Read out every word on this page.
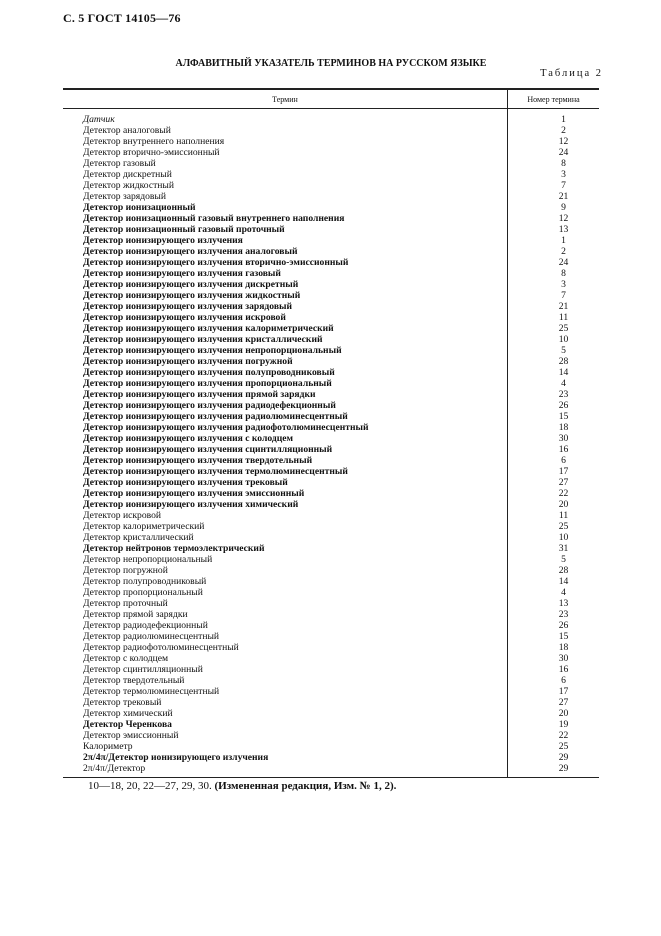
С. 5 ГОСТ 14105—76
АЛФАВИТНЫЙ УКАЗАТЕЛЬ ТЕРМИНОВ НА РУССКОМ ЯЗЫКЕ
Таблица 2
Термин	Номер термина
Датчик	1
Детектор аналоговый	2
Детектор внутреннего наполнения	12
Детектор вторично-эмиссионный	24
Детектор газовый	8
Детектор дискретный	3
Детектор жидкостный	7
Детектор зарядовый	21
Детектор ионизационный	9
Детектор ионизационный газовый внутреннего наполнения	12
Детектор ионизационный газовый проточный	13
Детектор ионизирующего излучения	1
Детектор ионизирующего излучения аналоговый	2
Детектор ионизирующего излучения вторично-эмиссионный	24
Детектор ионизирующего излучения газовый	8
Детектор ионизирующего излучения дискретный	3
Детектор ионизирующего излучения жидкостный	7
Детектор ионизирующего излучения зарядовый	21
Детектор ионизирующего излучения искровой	11
Детектор ионизирующего излучения калориметрический	25
Детектор ионизирующего излучения кристаллический	10
Детектор ионизирующего излучения непропорциональный	5
Детектор ионизирующего излучения погружной	28
Детектор ионизирующего излучения полупроводниковый	14
Детектор ионизирующего излучения пропорциональный	4
Детектор ионизирующего излучения прямой зарядки	23
Детектор ионизирующего излучения радиодефекционный	26
Детектор ионизирующего излучения радиолюминесцентный	15
Детектор ионизирующего излучения радиофотолюминесцентный	18
Детектор ионизирующего излучения с колодцем	30
Детектор ионизирующего излучения сцинтилляционный	16
Детектор ионизирующего излучения твердотельный	6
Детектор ионизирующего излучения термолюминесцентный	17
Детектор ионизирующего излучения трековый	27
Детектор ионизирующего излучения эмиссионный	22
Детектор ионизирующего излучения химический	20
Детектор искровой	11
Детектор калориметрический	25
Детектор кристаллический	10
Детектор нейтронов термоэлектрический	31
Детектор непропорциональный	5
Детектор погружной	28
Детектор полупроводниковый	14
Детектор пропорциональный	4
Детектор проточный	13
Детектор прямой зарядки	23
Детектор радиодефекционный	26
Детектор радиолюминесцентный	15
Детектор радиофотолюминесцентный	18
Детектор с колодцем	30
Детектор сцинтилляционный	16
Детектор твердотельный	6
Детектор термолюминесцентный	17
Детектор трековый	27
Детектор химический	20
Детектор Черенкова	19
Детектор эмиссионный	22
Калориметр	25
2π/4π/Детектор ионизирующего излучения	29
2π/4π/Детектор	29
10—18, 20, 22—27, 29, 30. (Измененная редакция, Изм. № 1, 2).
